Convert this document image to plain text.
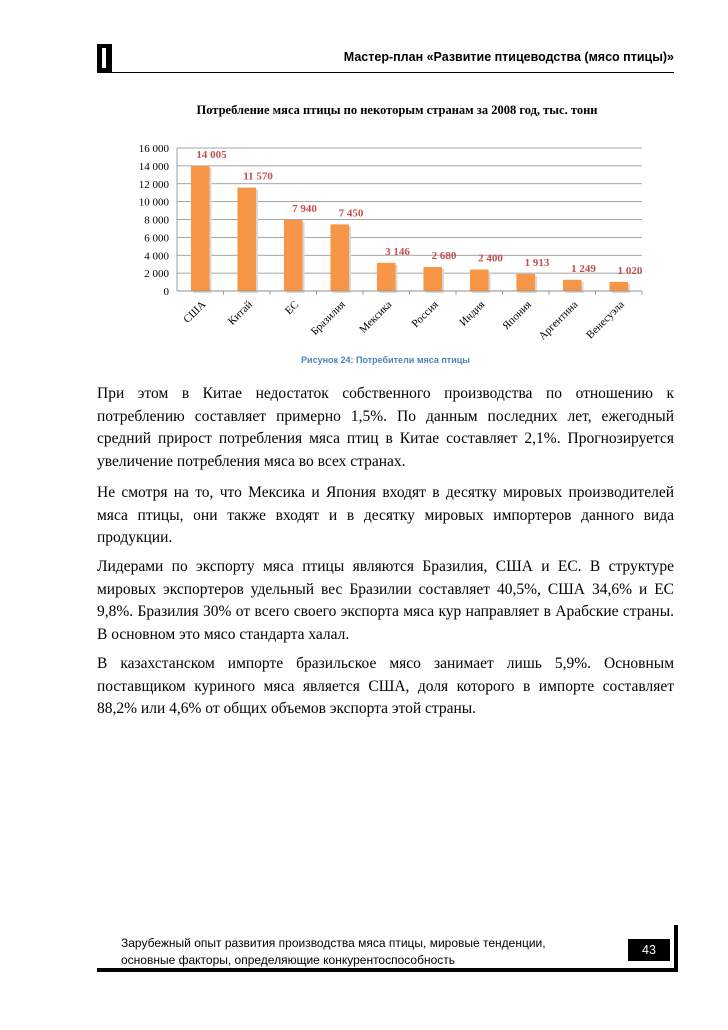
Мастер-план «Развитие птицеводства (мясо птицы)»
Потребление мяса птицы по некоторым странам за 2008 год, тыс. тонн
0
2 000
4 000
6 000
8 000
10 000
12 000
14 000
16 000 14 005
США
11 570
Китай
7 940
ЕС
7 450
Бразилия
3 146
Мексика
2 680
Россия
2 400
Индия
1 913
Япония
1 249
Аргентина
1 020
Венесуэла
Рисунок 24: Потребители мяса птицы

При этом в Китае недостаток собственного производства по отношению к потреблению составляет примерно 1,5%. По данным последних лет, ежегодный средний прирост потребления мяса птиц в Китае составляет 2,1%. Прогнозируется увеличение потребления мяса во всех странах.

Не смотря на то, что Мексика и Япония входят в десятку мировых производителей мяса птицы, они также входят и в десятку мировых импортеров данного вида продукции.

Лидерами по экспорту мяса птицы являются Бразилия, США и ЕС. В структуре мировых экспортеров удельный вес Бразилии составляет 40,5%, США 34,6% и ЕС 9,8%. Бразилия 30% от всего своего экспорта мяса кур направляет в Арабские страны. В основном это мясо стандарта халал.

В казахстанском импорте бразильское мясо занимает лишь 5,9%. Основным поставщиком куриного мяса является США, доля которого в импорте составляет 88,2% или 4,6% от общих объемов экспорта этой страны.

Зарубежный опыт развития производства мяса птицы, мировые тенденции,
основные факторы, определяющие конкурентоспособность
43
